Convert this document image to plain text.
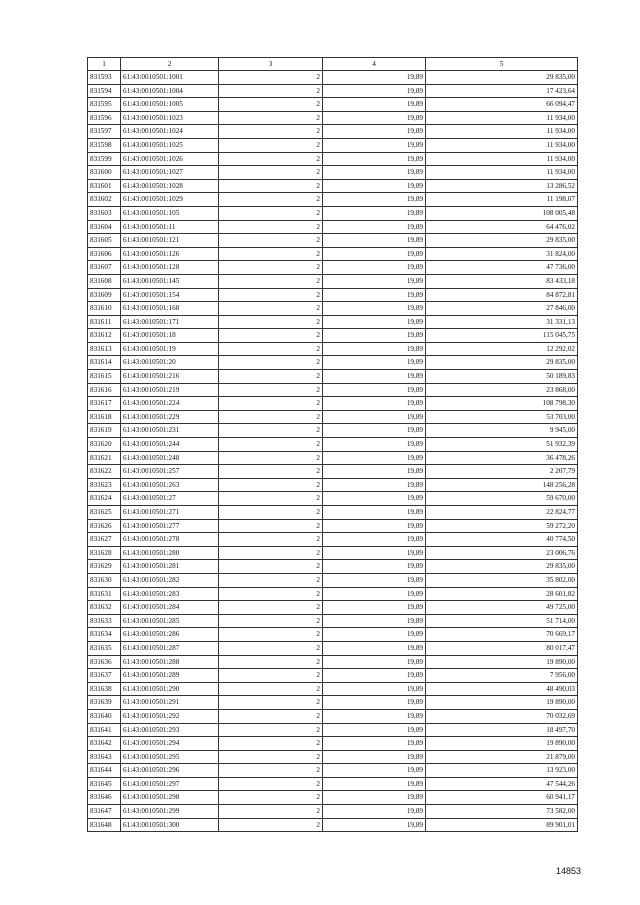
1	2	3	4	5
831593	61:43:0010501:1001	2	19,89	29 835,00
831594	61:43:0010501:1004	2	19,89	17 423,64
831595	61:43:0010501:1005	2	19,89	66 094,47
831596	61:43:0010501:1023	2	19,89	11 934,00
831597	61:43:0010501:1024	2	19,89	11 934,00
831598	61:43:0010501:1025	2	19,89	11 934,00
831599	61:43:0010501:1026	2	19,89	11 934,00
831600	61:43:0010501:1027	2	19,89	11 934,00
831601	61:43:0010501:1028	2	19,89	13 286,52
831602	61:43:0010501:1029	2	19,89	11 198,07
831603	61:43:0010501:105	2	19,89	108 005,48
831604	61:43:0010501:11	2	19,89	64 476,02
831605	61:43:0010501:121	2	19,89	29 835,00
831606	61:43:0010501:126	2	19,89	31 824,00
831607	61:43:0010501:128	2	19,89	47 736,00
831608	61:43:0010501:145	2	19,89	83 433,18
831609	61:43:0010501:154	2	19,89	84 872,81
831610	61:43:0010501:168	2	19,89	27 846,00
831611	61:43:0010501:171	2	19,89	31 331,13
831612	61:43:0010501:18	2	19,89	115 045,75
831613	61:43:0010501:19	2	19,89	12 292,02
831614	61:43:0010501:20	2	19,89	29 835,00
831615	61:43:0010501:216	2	19,89	50 189,83
831616	61:43:0010501:219	2	19,89	23 868,00
831617	61:43:0010501:224	2	19,89	108 798,30
831618	61:43:0010501:229	2	19,89	53 703,00
831619	61:43:0010501:231	2	19,89	9 945,00
831620	61:43:0010501:244	2	19,89	51 932,39
831621	61:43:0010501:248	2	19,89	36 478,26
831622	61:43:0010501:257	2	19,89	2 207,79
831623	61:43:0010501:263	2	19,89	148 256,28
831624	61:43:0010501:27	2	19,89	59 670,00
831625	61:43:0010501:271	2	19,89	22 824,77
831626	61:43:0010501:277	2	19,89	59 272,20
831627	61:43:0010501:278	2	19,89	40 774,50
831628	61:43:0010501:280	2	19,89	23 006,76
831629	61:43:0010501:281	2	19,89	29 835,00
831630	61:43:0010501:282	2	19,89	35 802,00
831631	61:43:0010501:283	2	19,89	28 601,82
831632	61:43:0010501:284	2	19,89	49 725,00
831633	61:43:0010501:285	2	19,89	51 714,00
831634	61:43:0010501:286	2	19,89	70 669,17
831635	61:43:0010501:287	2	19,89	80 017,47
831636	61:43:0010501:288	2	19,89	19 890,00
831637	61:43:0010501:289	2	19,89	7 956,00
831638	61:43:0010501:290	2	19,89	48 490,03
831639	61:43:0010501:291	2	19,89	19 890,00
831640	61:43:0010501:292	2	19,89	70 032,69
831641	61:43:0010501:293	2	19,89	18 497,70
831642	61:43:0010501:294	2	19,89	19 890,00
831643	61:43:0010501:295	2	19,89	21 879,00
831644	61:43:0010501:296	2	19,89	13 923,00
831645	61:43:0010501:297	2	19,89	47 544,26
831646	61:43:0010501:298	2	19,89	60 941,17
831647	61:43:0010501:299	2	19,89	73 582,00
831648	61:43:0010501:300	2	19,89	89 901,01
14853
